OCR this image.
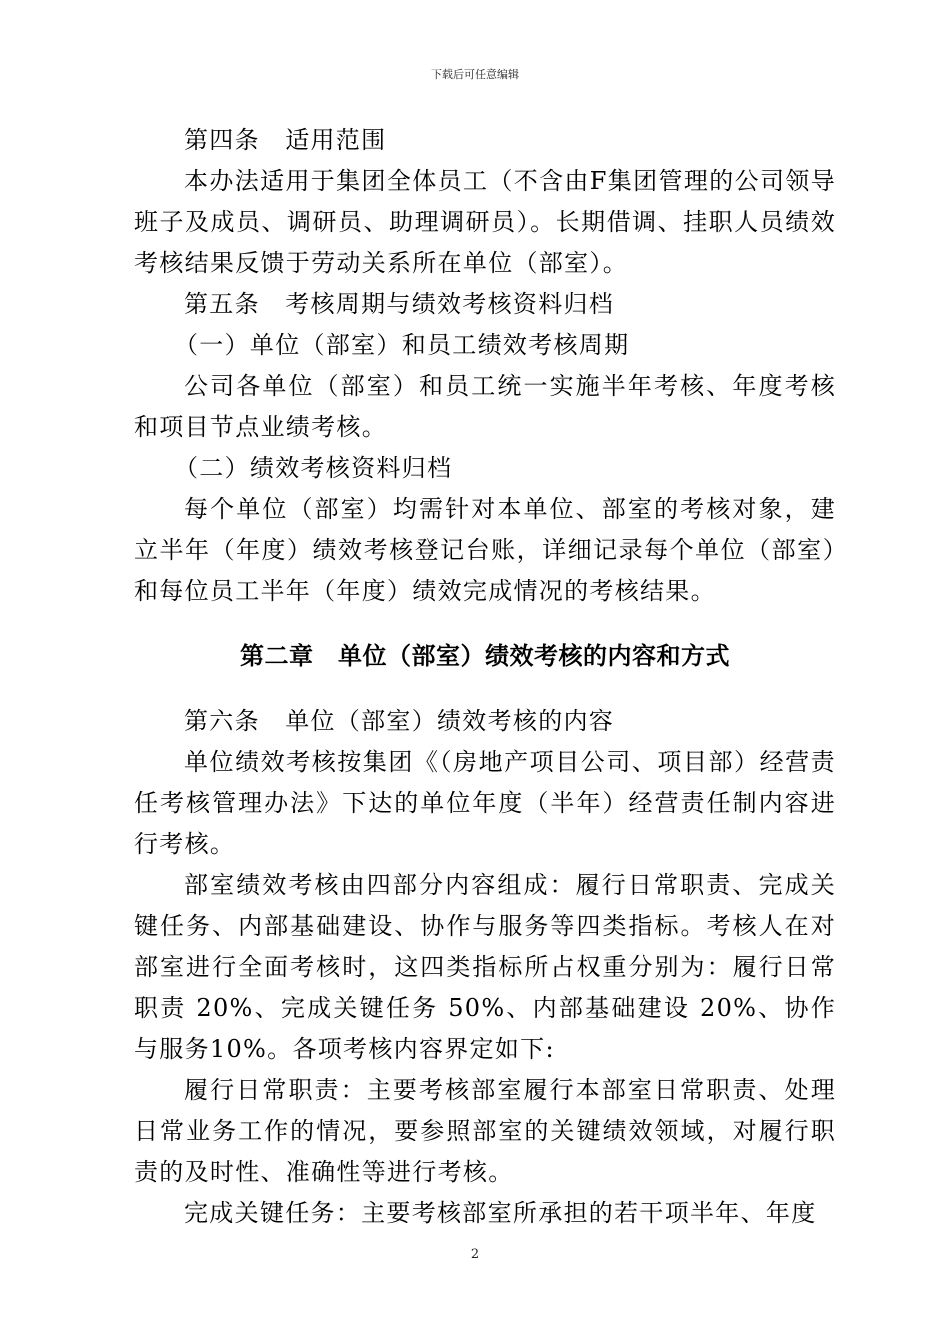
下载后可任意编辑

第四条　适用范围

本办法适用于集团全体员工（不含由F集团管理的公司领导班子及成员、调研员、助理调研员）。长期借调、挂职人员绩效考核结果反馈于劳动关系所在单位（部室）。

第五条　考核周期与绩效考核资料归档

（一）单位（部室）和员工绩效考核周期

公司各单位（部室）和员工统一实施半年考核、年度考核和项目节点业绩考核。

（二）绩效考核资料归档

每个单位（部室）均需针对本单位、部室的考核对象，建立半年（年度）绩效考核登记台账，详细记录每个单位（部室）和每位员工半年（年度）绩效完成情况的考核结果。

第二章　单位（部室）绩效考核的内容和方式

第六条　单位（部室）绩效考核的内容

单位绩效考核按集团《（房地产项目公司、项目部）经营责任考核管理办法》下达的单位年度（半年）经营责任制内容进行考核。

部室绩效考核由四部分内容组成：履行日常职责、完成关键任务、内部基础建设、协作与服务等四类指标。考核人在对部室进行全面考核时，这四类指标所占权重分别为：履行日常职责 20%、完成关键任务 50%、内部基础建设 20%、协作与服务10%。各项考核内容界定如下:

履行日常职责：主要考核部室履行本部室日常职责、处理日常业务工作的情况，要参照部室的关键绩效领域，对履行职责的及时性、准确性等进行考核。

完成关键任务：主要考核部室所承担的若干项半年、年度

2
